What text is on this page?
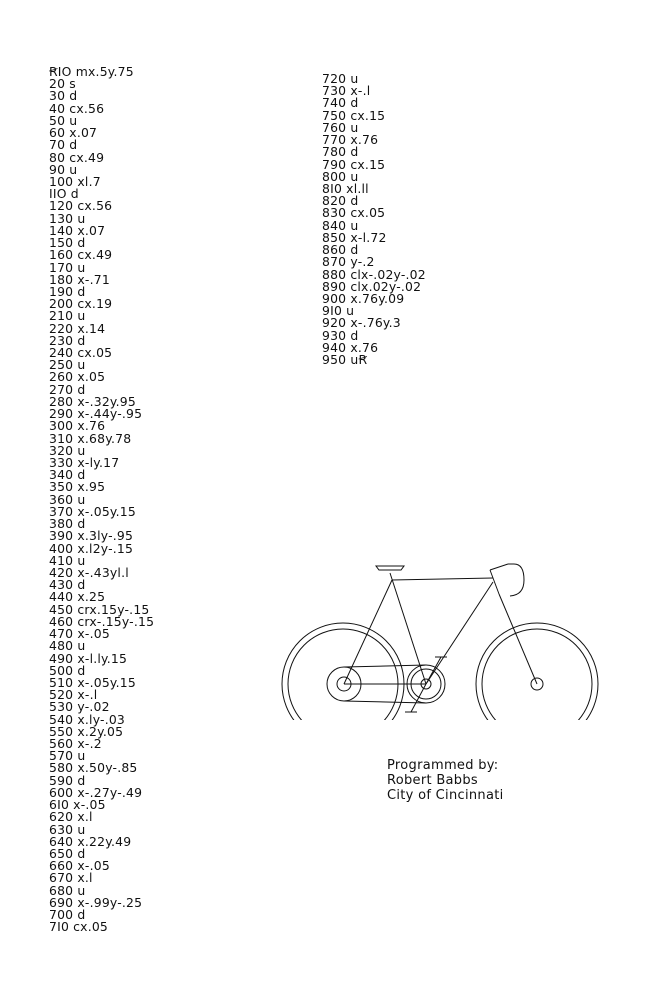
ꞦIO mx.5y.75
20 s
30 d
40 cx.56
50 u
60 x.07
70 d
80 cx.49
90 u
100 xl.7
IIO d
120 cx.56
130 u
140 x.07
150 d
160 cx.49
170 u
180 x-.71
190 d
200 cx.19
210 u
220 x.14
230 d
240 cx.05
250 u
260 x.05
270 d
280 x-.32y.95
290 x-.44y-.95
300 x.76
310 x.68y.78
320 u
330 x-ly.17
340 d
350 x.95
360 u
370 x-.05y.15
380 d
390 x.3ly-.95
400 x.l2y-.15
410 u
420 x-.43yl.l
430 d
440 x.25
450 crx.15y-.15
460 crx-.15y-.15
470 x-.05
480 u
490 x-l.ly.15
500 d
510 x-.05y.15
520 x-.l
530 y-.02
540 x.ly-.03
550 x.2y.05
560 x-.2
570 u
580 x.50y-.85
590 d
600 x-.27y-.49
6I0 x-.05
620 x.l
630 u
640 x.22y.49
650 d
660 x-.05
670 x.l
680 u
690 x-.99y-.25
700 d
7I0 cx.05
720 u
730 x-.l
740 d
750 cx.15
760 u
770 x.76
780 d
790 cx.15
800 u
8I0 xl.ll
820 d
830 cx.05
840 u
850 x-l.72
860 d
870 y-.2
880 clx-.02y-.02
890 clx.02y-.02
900 x.76y.09
9I0 u
920 x-.76y.3
930 d
940 x.76
950 uꞦ
Programmed by:
Robert Babbs
City of Cincinnati
